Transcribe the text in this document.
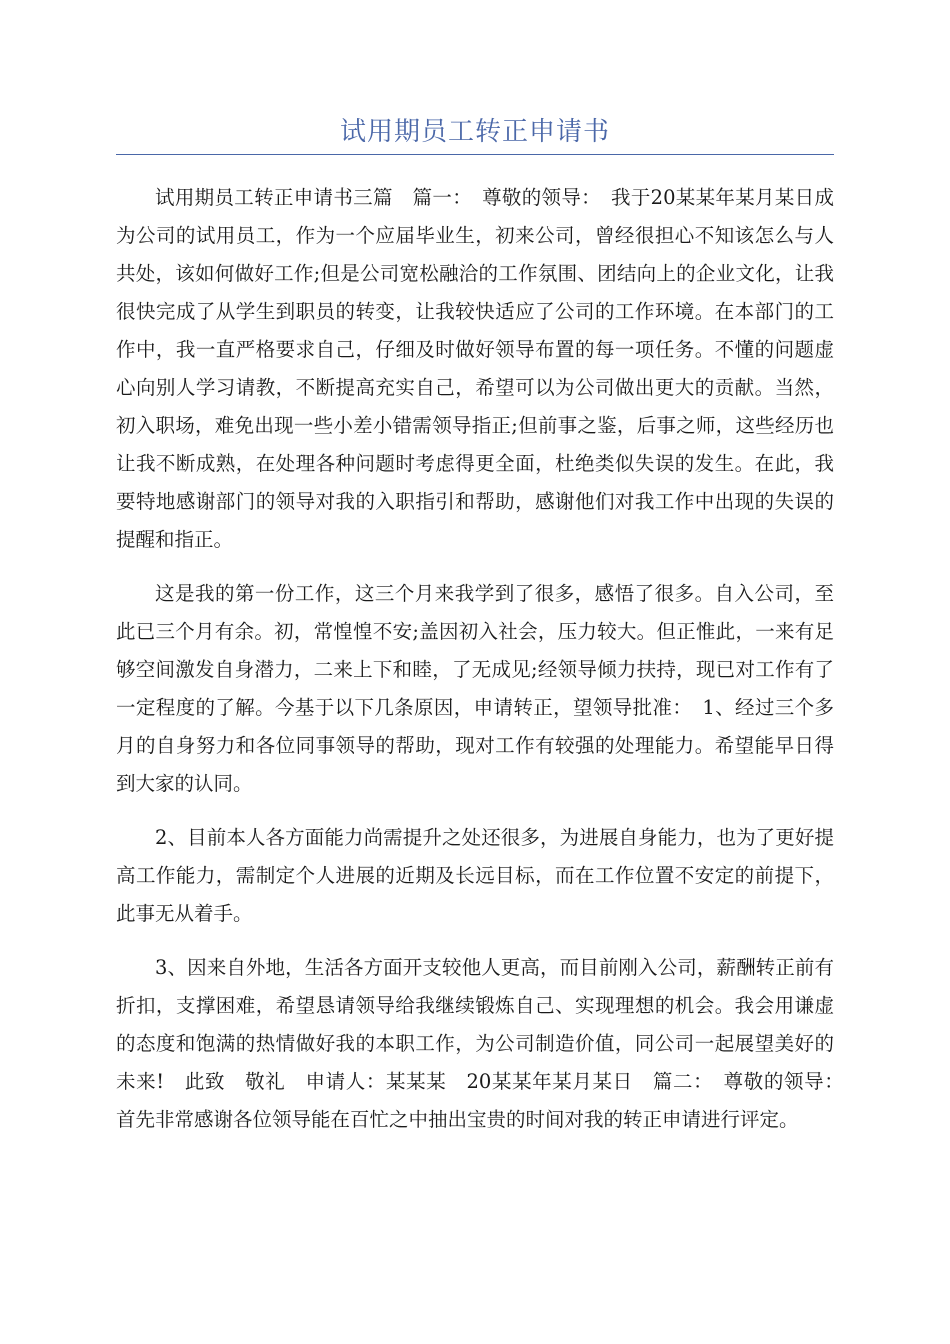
试用期员工转正申请书

试用期员工转正申请书三篇　篇一：　尊敬的领导：　我于20某某年某月某日成为公司的试用员工，作为一个应届毕业生，初来公司，曾经很担心不知该怎么与人共处，该如何做好工作;但是公司宽松融洽的工作氛围、团结向上的企业文化，让我很快完成了从学生到职员的转变，让我较快适应了公司的工作环境。在本部门的工作中，我一直严格要求自己，仔细及时做好领导布置的每一项任务。不懂的问题虚心向别人学习请教，不断提高充实自己，希望可以为公司做出更大的贡献。当然，初入职场，难免出现一些小差小错需领导指正;但前事之鉴，后事之师，这些经历也让我不断成熟，在处理各种问题时考虑得更全面，杜绝类似失误的发生。在此，我要特地感谢部门的领导对我的入职指引和帮助，感谢他们对我工作中出现的失误的提醒和指正。

这是我的第一份工作，这三个月来我学到了很多，感悟了很多。自入公司，至此已三个月有余。初，常惶惶不安;盖因初入社会，压力较大。但正惟此，一来有足够空间激发自身潜力，二来上下和睦，了无成见;经领导倾力扶持，现已对工作有了一定程度的了解。今基于以下几条原因，申请转正，望领导批准：　1、经过三个多月的自身努力和各位同事领导的帮助，现对工作有较强的处理能力。希望能早日得到大家的认同。

2、目前本人各方面能力尚需提升之处还很多，为进展自身能力，也为了更好提高工作能力，需制定个人进展的近期及长远目标，而在工作位置不安定的前提下，此事无从着手。

3、因来自外地，生活各方面开支较他人更高，而目前刚入公司，薪酬转正前有折扣，支撑困难，希望恳请领导给我继续锻炼自己、实现理想的机会。我会用谦虚的态度和饱满的热情做好我的本职工作，为公司制造价值，同公司一起展望美好的未来!　此致　敬礼　申请人：某某某　20某某年某月某日　篇二：　尊敬的领导：　首先非常感谢各位领导能在百忙之中抽出宝贵的时间对我的转正申请进行评定。
